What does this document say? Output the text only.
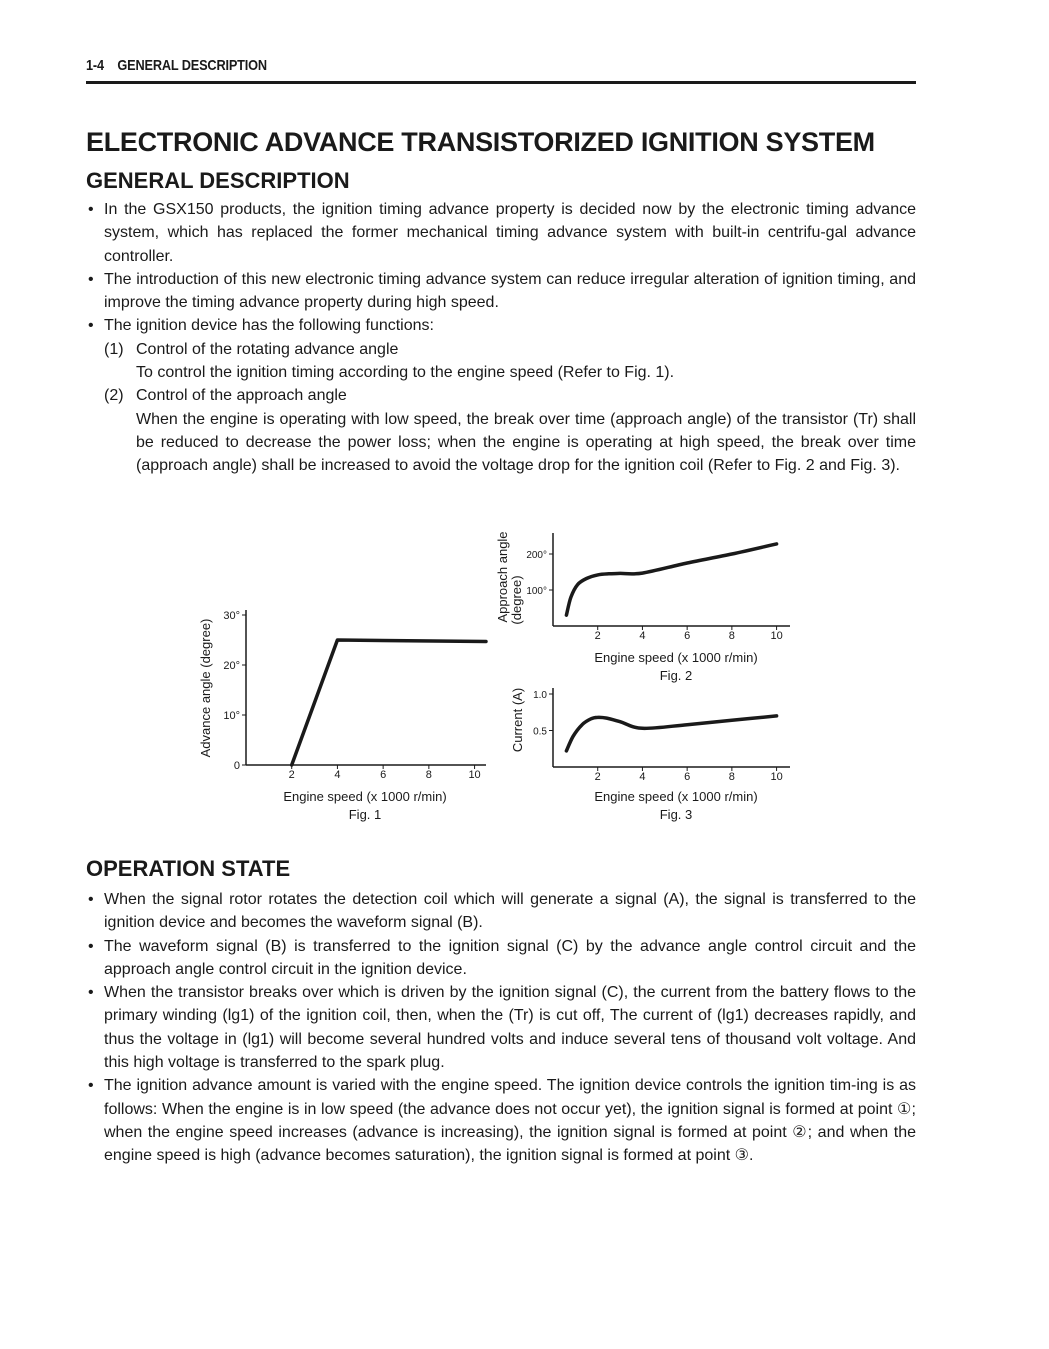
1-4    GENERAL DESCRIPTION
ELECTRONIC ADVANCE TRANSISTORIZED IGNITION SYSTEM
GENERAL DESCRIPTION
• In the GSX150 products, the ignition timing advance property is decided now by the electronic timing advance system, which has replaced the former mechanical timing advance system with built-in centrifu-gal advance controller.
• The introduction of this new electronic timing advance system can reduce irregular alteration of ignition timing, and improve the timing advance property during high speed.
• The ignition device has the following functions:
(1) Control of the rotating advance angle
To control the ignition timing according to the engine speed (Refer to Fig. 1).
(2) Control of the approach angle
When the engine is operating with low speed, the break over time (approach angle) of the transistor (Tr) shall be reduced to decrease the power loss; when the engine is operating at high speed, the break over time (approach angle) shall be increased to avoid the voltage drop for the ignition coil (Refer to Fig. 2 and Fig. 3).
2	4	6	8	10
0
10°
20°
30°
Advance angle (degree)
Engine speed (x 1000 r/min)
Fig. 1
2	4	6	8	10
100°
200°
Approach angle (degree)
Engine speed (x 1000 r/min)
Fig. 2
2	4	6	8	10
0.5
1.0
Current (A)
Engine speed (x 1000 r/min)
Fig. 3
OPERATION STATE
• When the signal rotor rotates the detection coil which will generate a signal (A), the signal is transferred to the ignition device and becomes the waveform signal (B).
• The waveform signal (B) is transferred to the ignition signal (C) by the advance angle control circuit and the approach angle control circuit in the ignition device.
• When the transistor breaks over which is driven by the ignition signal (C), the current from the battery flows to the primary winding (lg1) of the ignition coil, then, when the (Tr) is cut off, The current of (lg1) decreases rapidly, and thus the voltage in (lg1) will become several hundred volts and induce several tens of thousand volt voltage. And this high voltage is transferred to the spark plug.
• The ignition advance amount is varied with the engine speed. The ignition device controls the ignition tim-ing is as follows: When the engine is in low speed (the advance does not occur yet), the ignition signal is formed at point ①; when the engine speed increases (advance is increasing), the ignition signal is formed at point ②; and when the engine speed is high (advance becomes saturation), the ignition signal is formed at point ③.
